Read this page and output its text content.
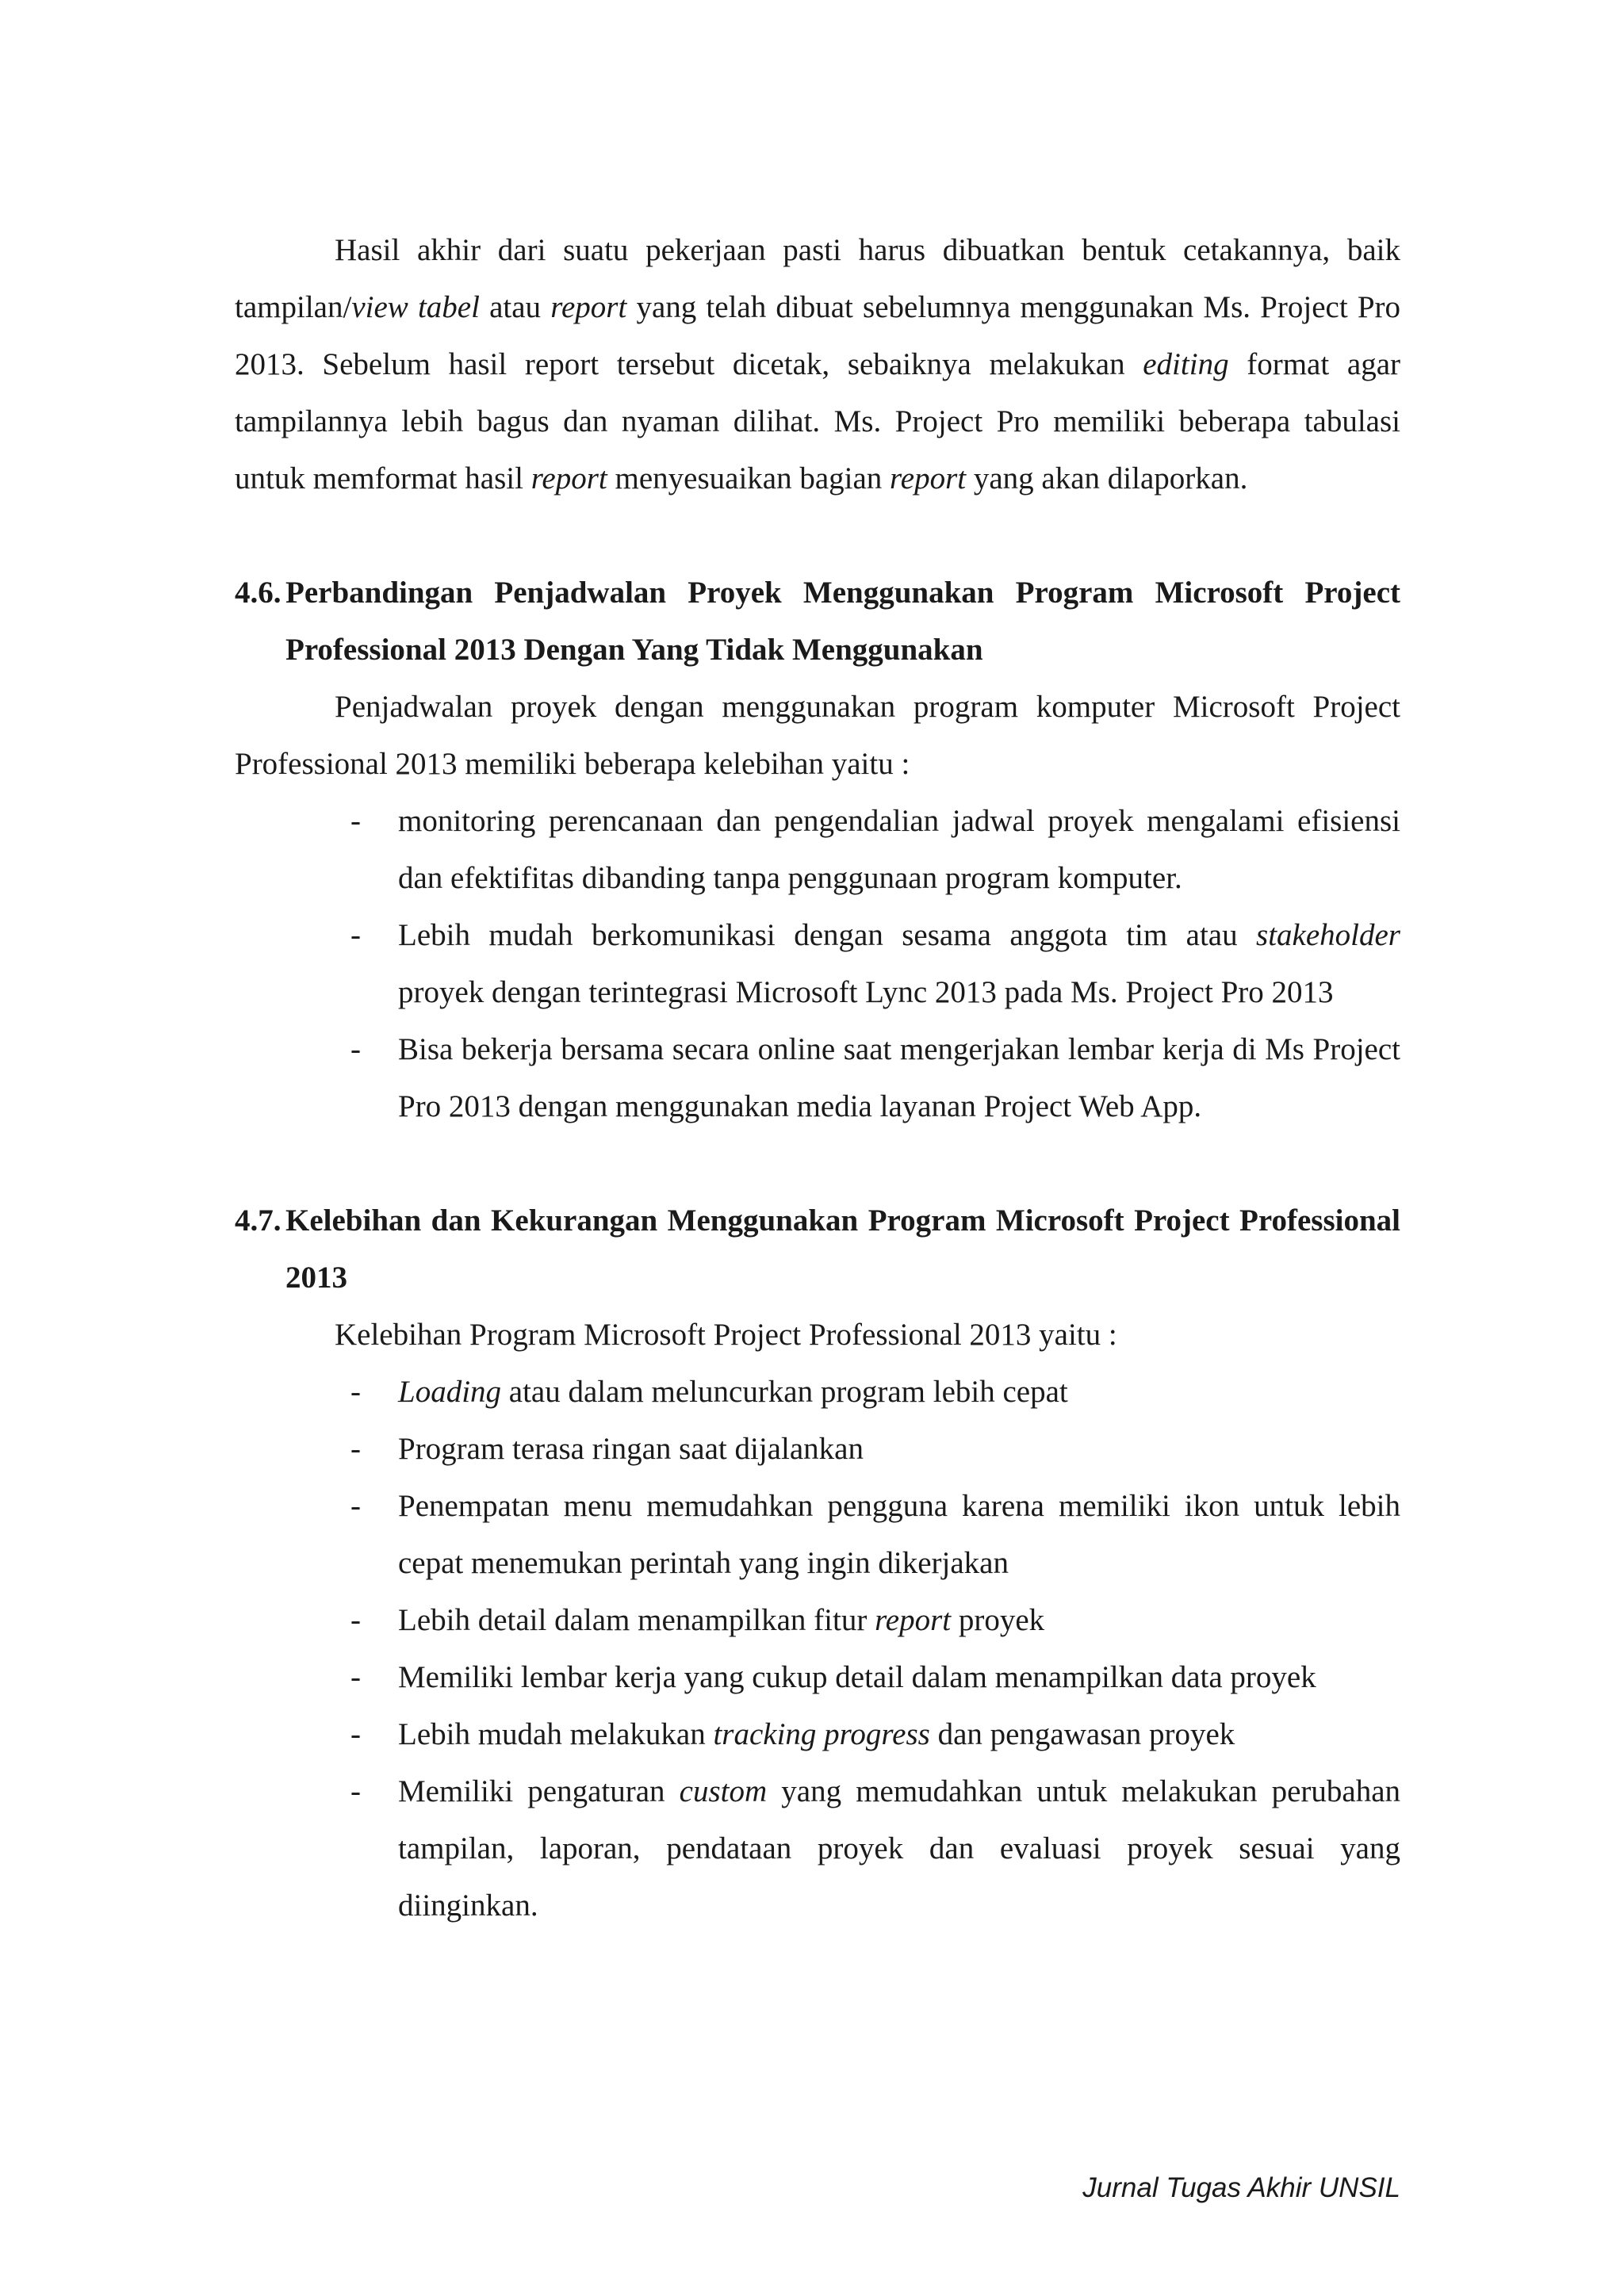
Hasil akhir dari suatu pekerjaan pasti harus dibuatkan bentuk cetakannya, baik tampilan/view tabel atau report yang telah dibuat sebelumnya menggunakan Ms. Project Pro 2013. Sebelum hasil report tersebut dicetak, sebaiknya melakukan editing format agar tampilannya lebih bagus dan nyaman dilihat. Ms. Project Pro memiliki beberapa tabulasi untuk memformat hasil report menyesuaikan bagian report yang akan dilaporkan.

4.6. Perbandingan Penjadwalan Proyek Menggunakan Program Microsoft Project Professional 2013 Dengan Yang Tidak Menggunakan

Penjadwalan proyek dengan menggunakan program komputer Microsoft Project Professional 2013 memiliki beberapa kelebihan yaitu :

- monitoring perencanaan dan pengendalian jadwal proyek mengalami efisiensi dan efektifitas dibanding tanpa penggunaan program komputer.
- Lebih mudah berkomunikasi dengan sesama anggota tim atau stakeholder proyek dengan terintegrasi Microsoft Lync 2013 pada Ms. Project Pro 2013
- Bisa bekerja bersama secara online saat mengerjakan lembar kerja di Ms Project Pro 2013 dengan menggunakan media layanan Project Web App.
4.7. Kelebihan dan Kekurangan Menggunakan Program Microsoft Project Professional 2013

Kelebihan Program Microsoft Project Professional 2013 yaitu :

- Loading atau dalam meluncurkan program lebih cepat
- Program terasa ringan saat dijalankan
- Penempatan menu memudahkan pengguna karena memiliki ikon untuk lebih cepat menemukan perintah yang ingin dikerjakan
- Lebih detail dalam menampilkan fitur report proyek
- Memiliki lembar kerja yang cukup detail dalam menampilkan data proyek
- Lebih mudah melakukan tracking progress dan pengawasan proyek
- Memiliki pengaturan custom yang memudahkan untuk melakukan perubahan tampilan, laporan, pendataan proyek dan evaluasi proyek sesuai yang diinginkan.
Jurnal Tugas Akhir UNSIL
